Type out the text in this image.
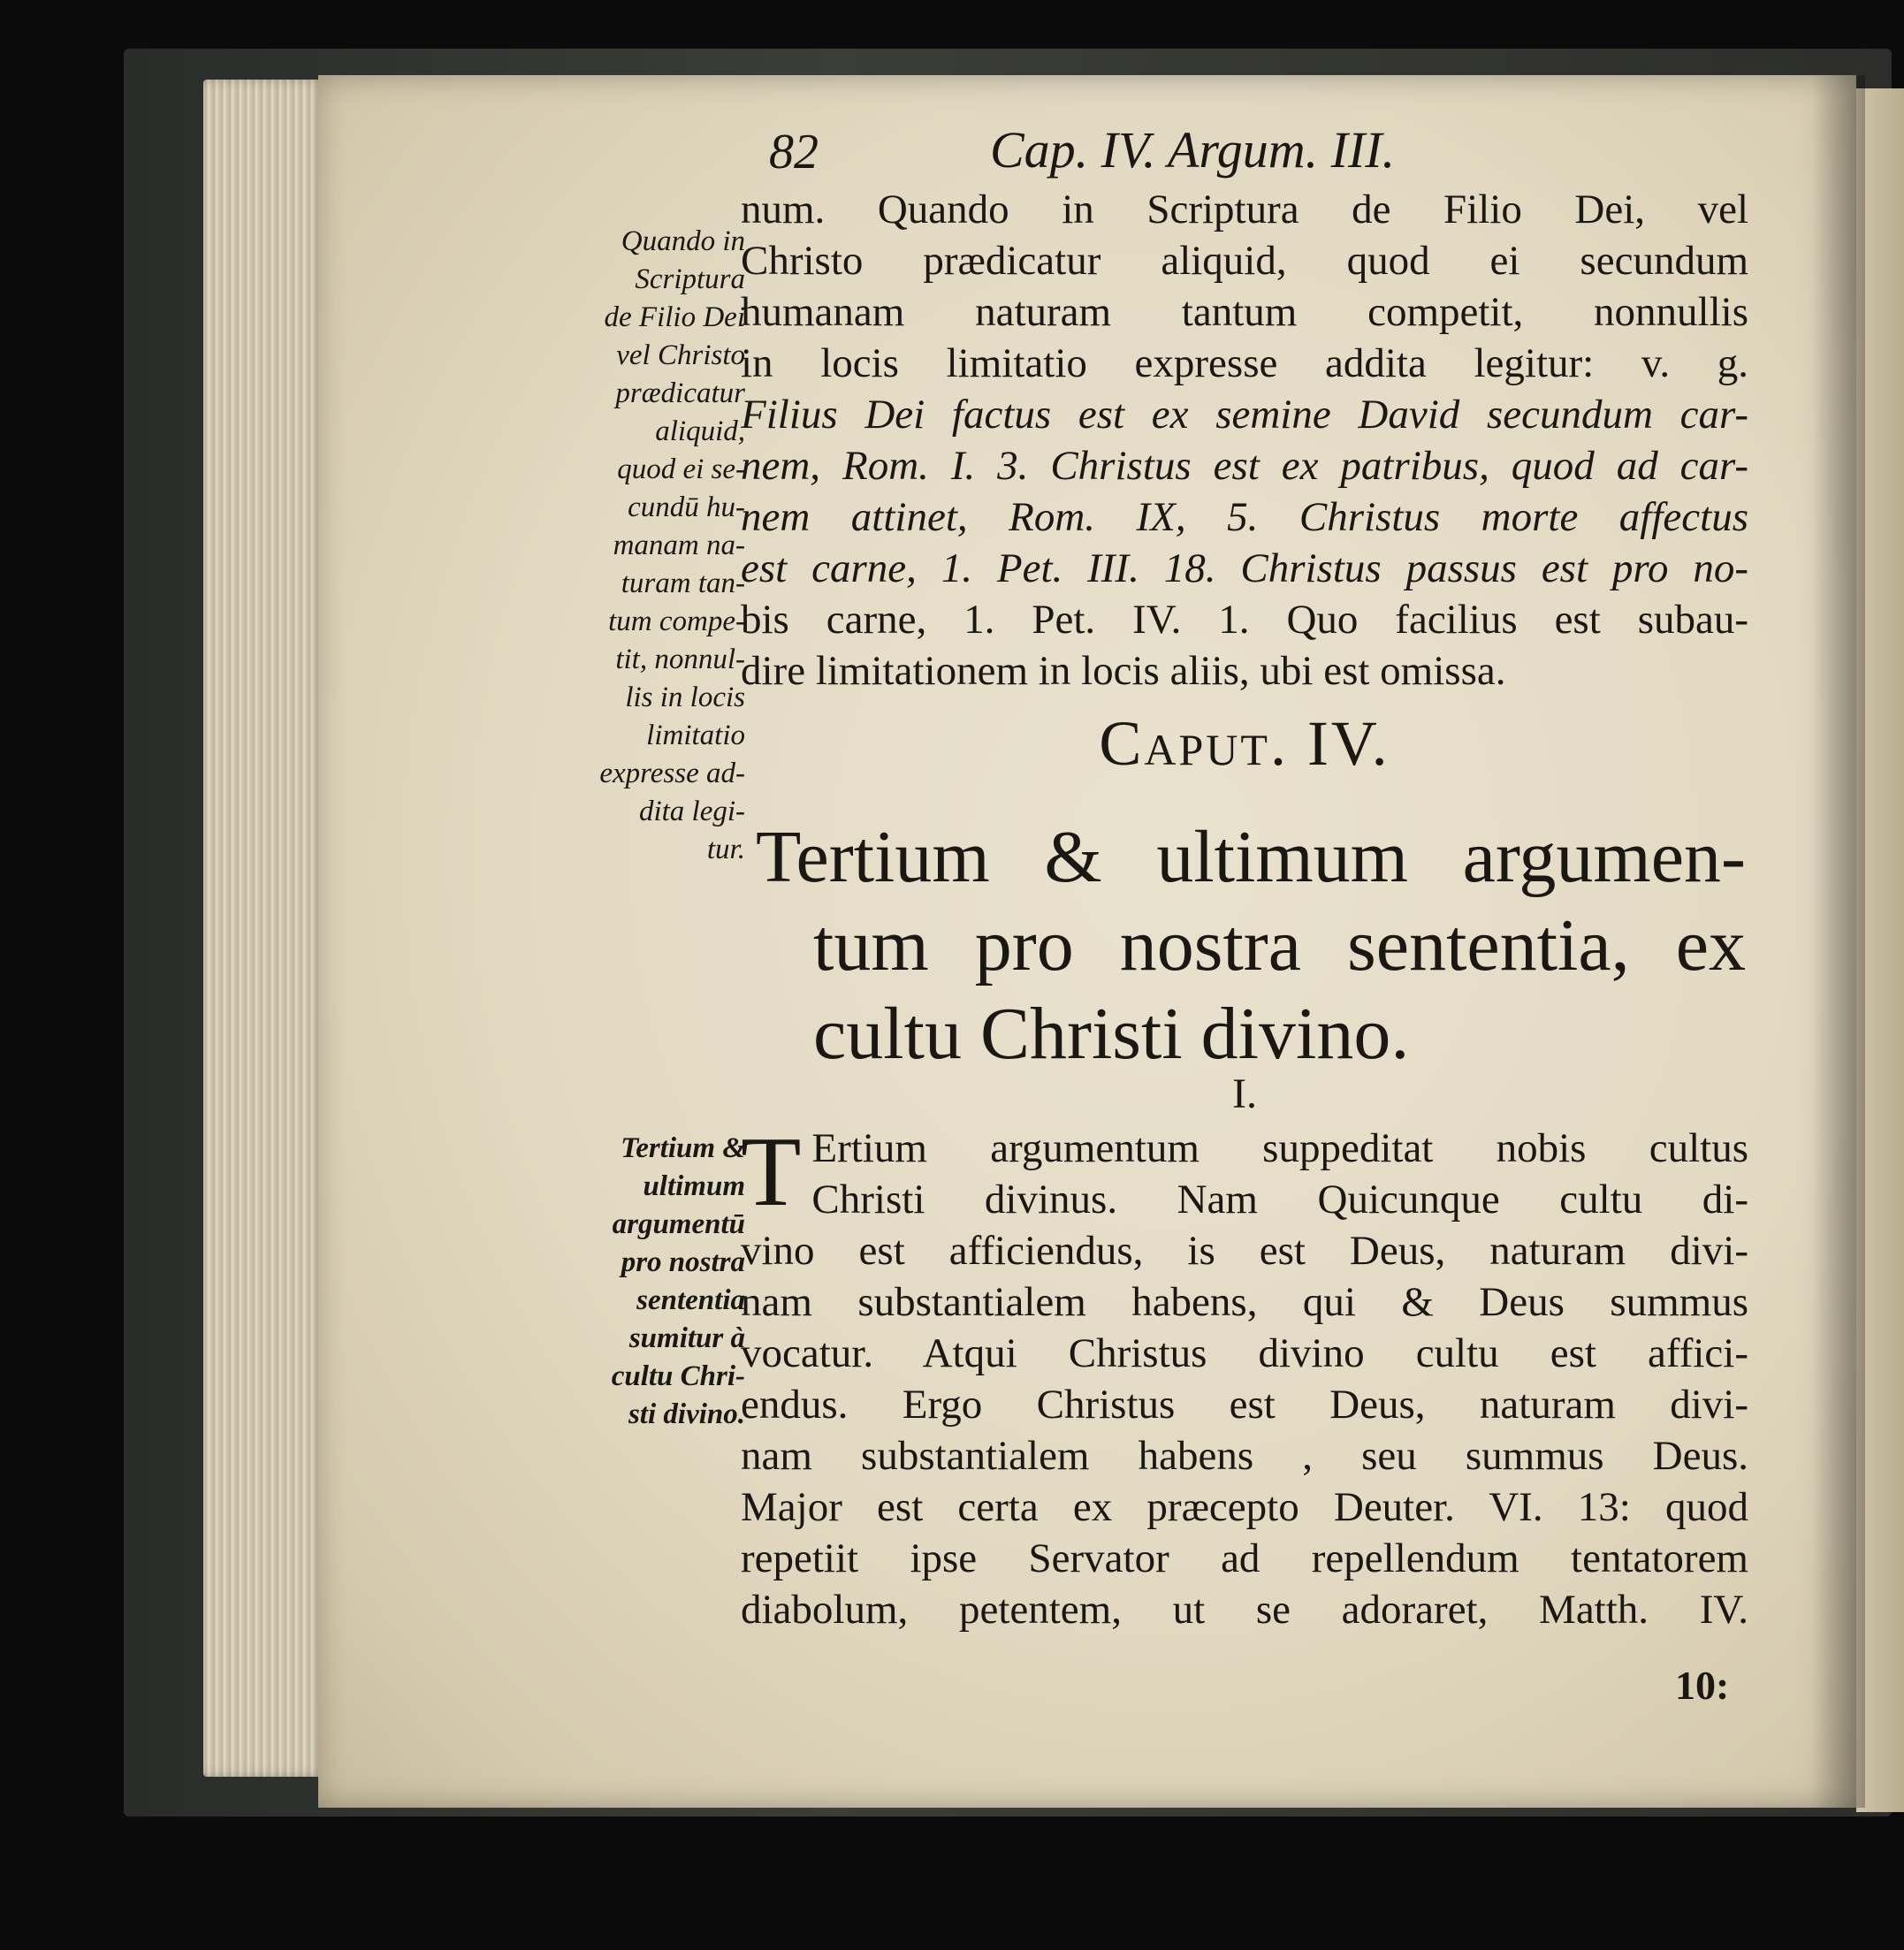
82	Cap. IV. Argum. III.
num. Quando in Scriptura de Filio Dei, vel
Christo prædicatur aliquid, quod ei secundum
humanam naturam tantum competit, nonnullis
in locis limitatio expresse addita legitur: v. g.
Filius Dei factus est ex semine David secundum car-
nem, Rom. I. 3. Christus est ex patribus, quod ad car-
nem attinet, Rom. IX, 5. Christus morte affectus
est carne, 1. Pet. III. 18. Christus passus est pro no-
bis carne, 1. Pet. IV. 1. Quo facilius est subau-
dire limitationem in locis aliis, ubi est omissa.
Quando in
Scriptura
de Filio Dei
vel Christo
prædicatur
aliquid,
quod ei se-
cundū hu-
manam na-
turam tan-
tum compe-
tit, nonnul-
lis in locis
limitatio
expresse ad-
dita legi-
tur.
Caput. IV.
Tertium & ultimum argumen-
tum pro nostra sententia, ex
cultu Christi divino.
I.
T Ertium argumentum suppeditat nobis cultus
Christi divinus. Nam Quicunque cultu di-
vino est afficiendus, is est Deus, naturam divi-
nam substantialem habens, qui & Deus summus
vocatur. Atqui Christus divino cultu est affici-
endus. Ergo Christus est Deus, naturam divi-
nam substantialem habens , seu summus Deus.
Major est certa ex præcepto Deuter. VI. 13: quod
repetiit ipse Servator ad repellendum tentatorem
diabolum, petentem, ut se adoraret, Matth. IV.
Tertium &
ultimum
argumentū
pro nostra
sententia
sumitur à
cultu Chri-
sti divino.
10:
